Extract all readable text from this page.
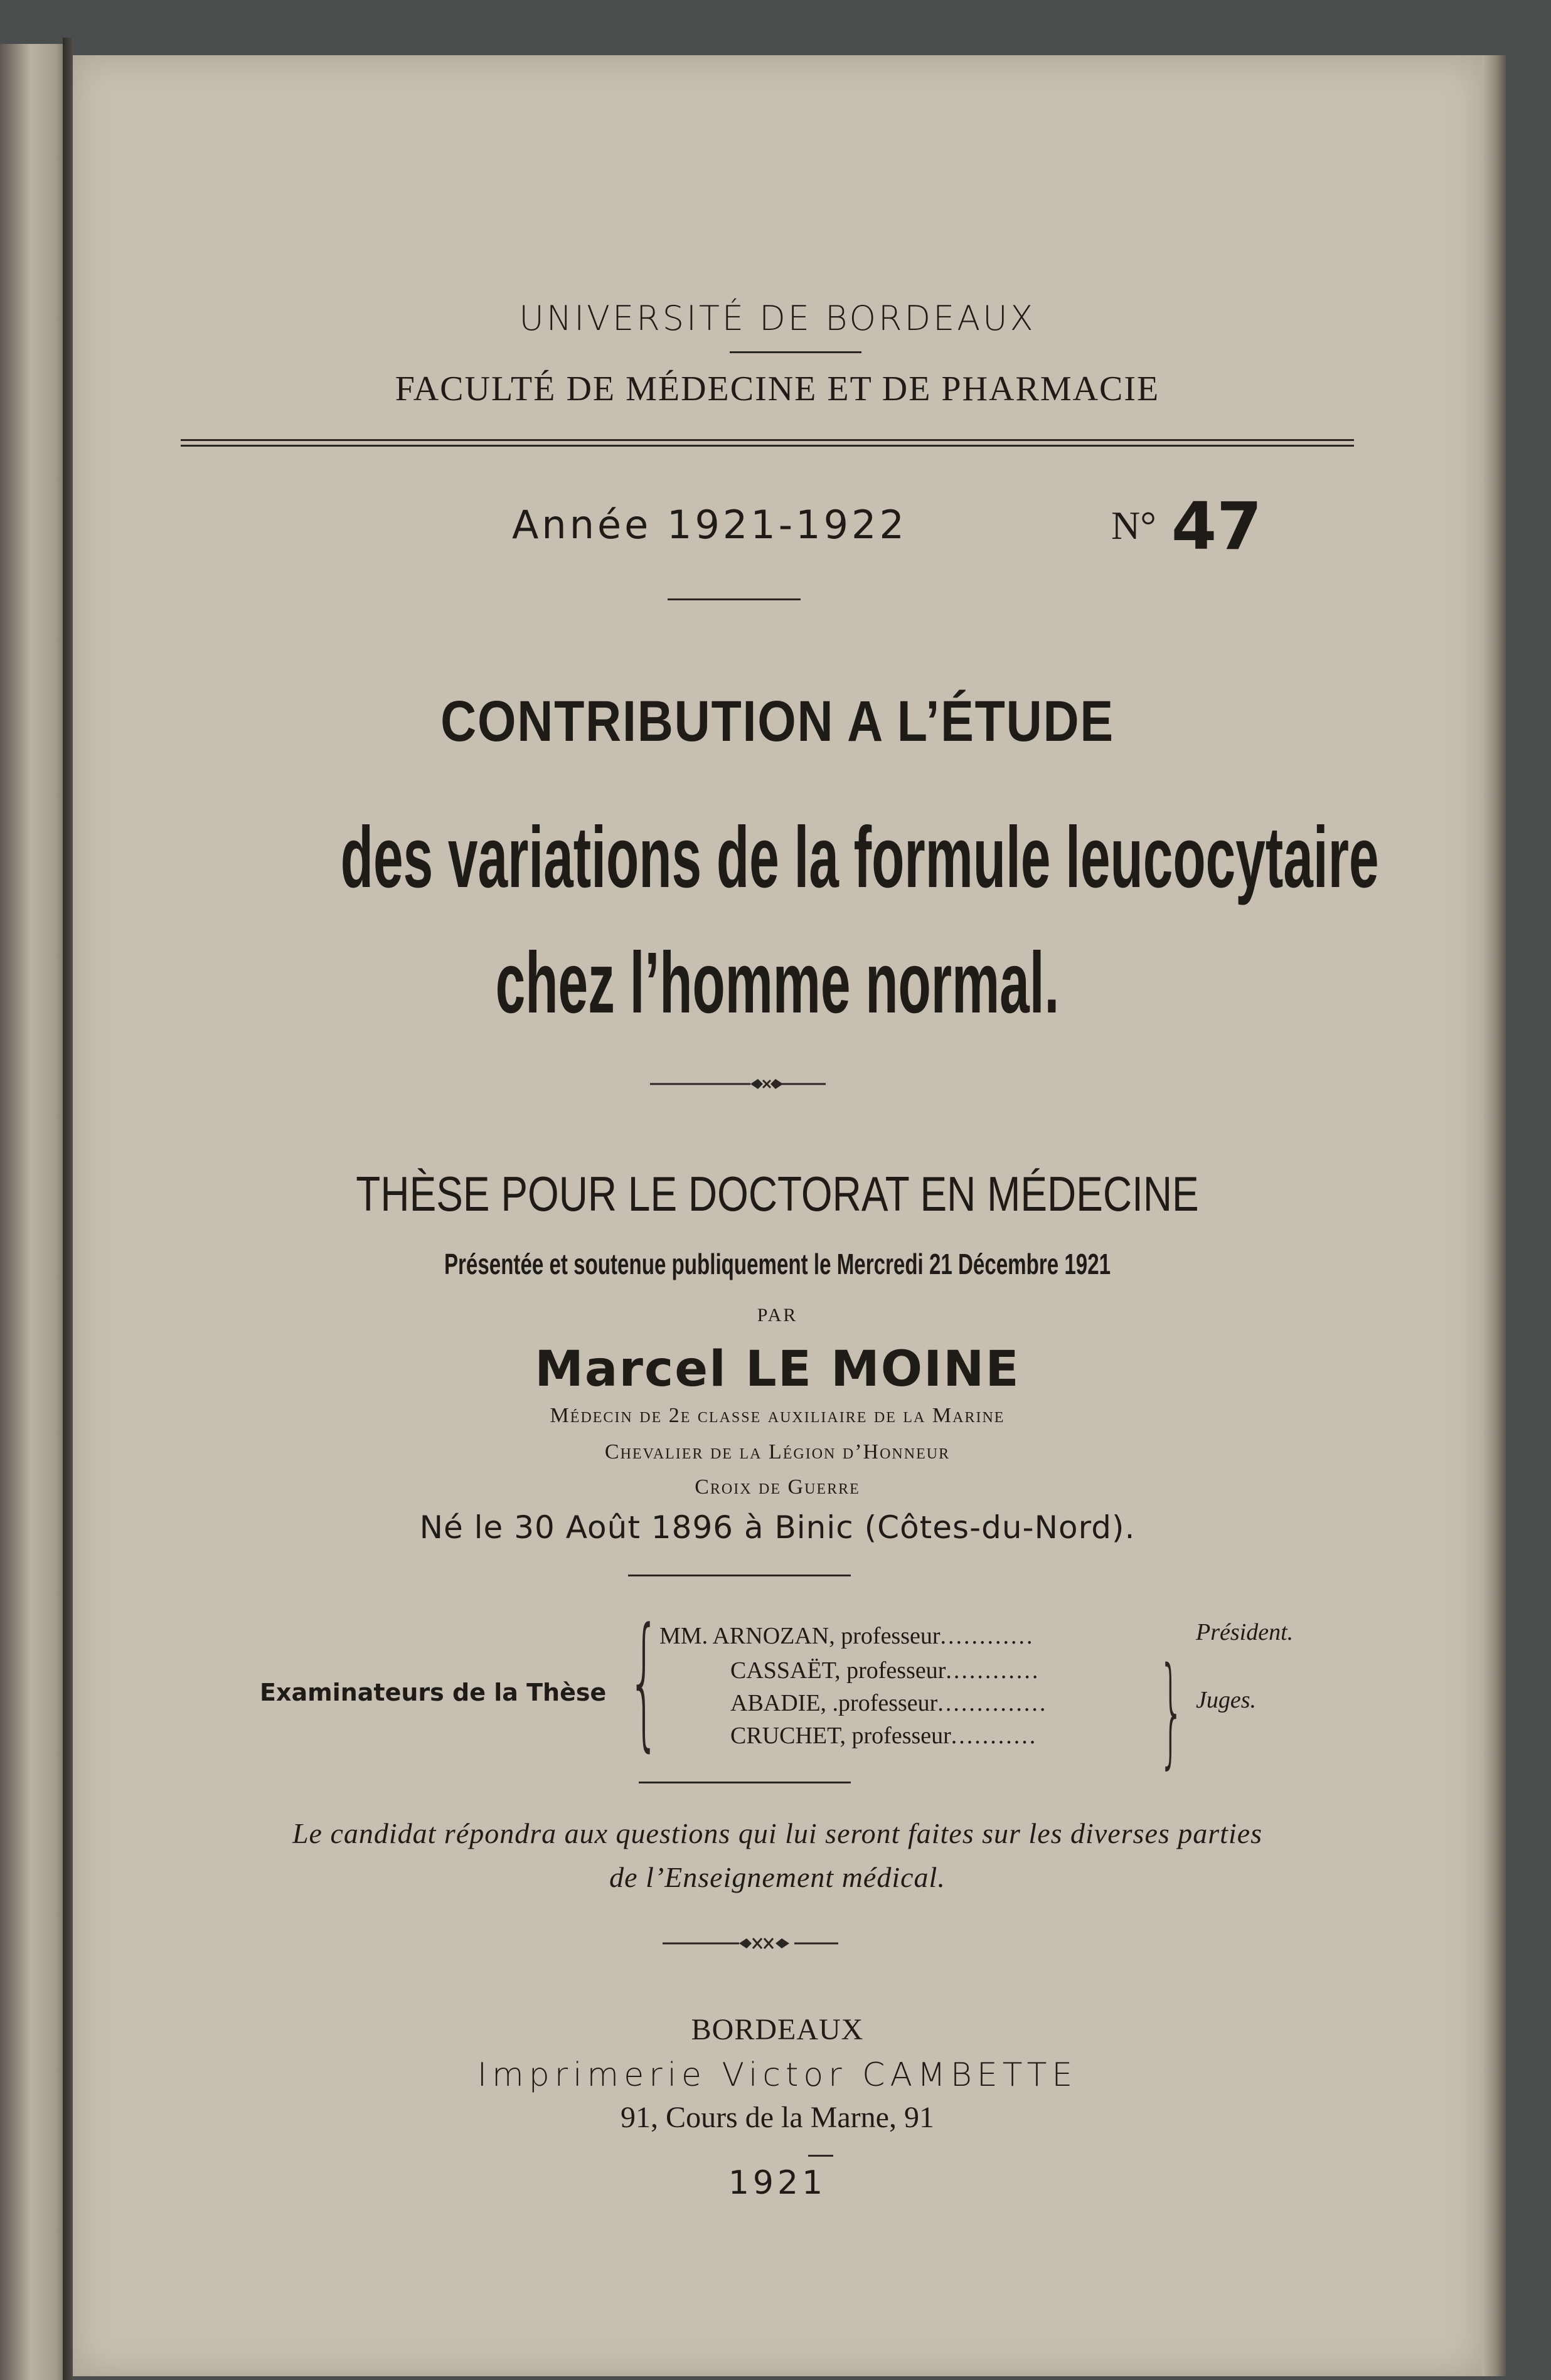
UNIVERSITÉ DE BORDEAUX
FACULTÉ DE MÉDECINE ET DE PHARMACIE
Année 1921-1922	N° 47
CONTRIBUTION A L’ÉTUDE
des variations de la formule leucocytaire
chez l’homme normal.
THÈSE POUR LE DOCTORAT EN MÉDECINE
Présentée et soutenue publiquement le Mercredi 21 Décembre 1921
PAR
Marcel LE MOINE
Médecin de 2e classe auxiliaire de la Marine
Chevalier de la Légion d’Honneur
Croix de Guerre
Né le 30 Août 1896 à Binic (Côtes-du-Nord).
Examinateurs de la Thèse {
MM. ARNOZAN, professeur............
CASSAËT, professeur............
ABADIE, .professeur..............
CRUCHET, professeur........... }
Président.
Juges.
Le candidat répondra aux questions qui lui seront faites sur les diverses parties
de l’Enseignement médical.
BORDEAUX
Imprimerie Victor CAMBETTE
91, Cours de la Marne, 91
1921
